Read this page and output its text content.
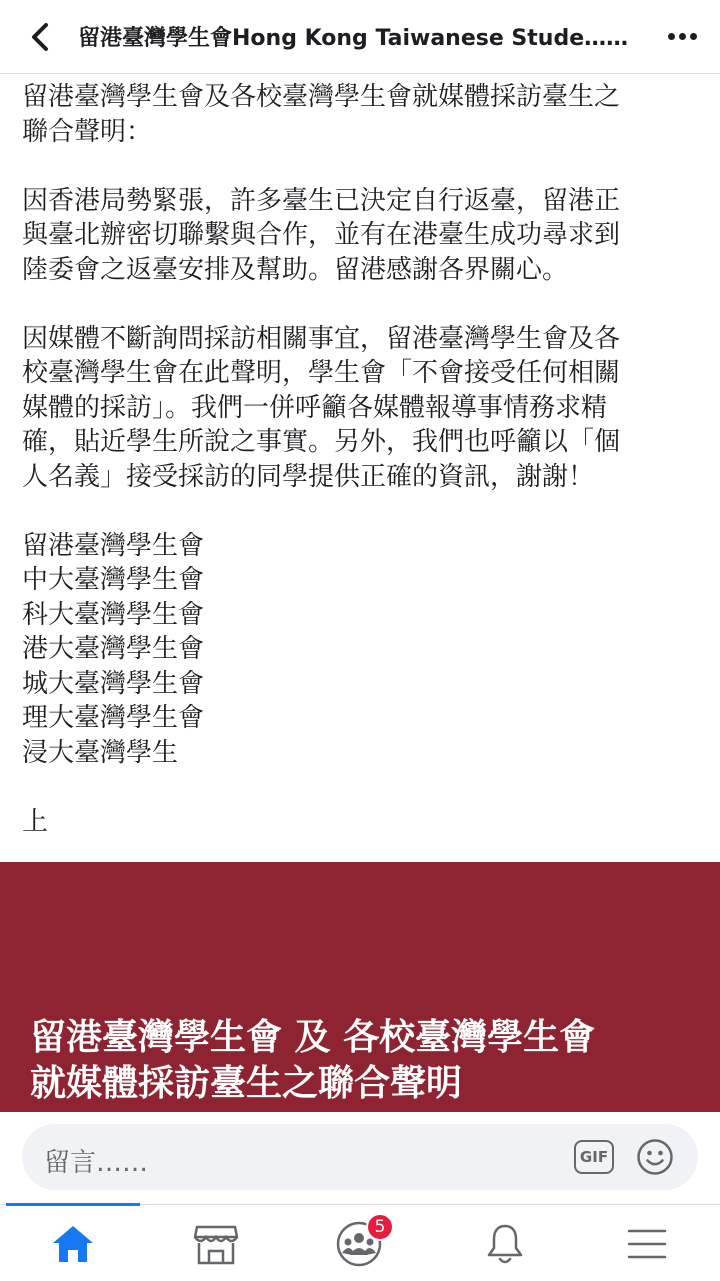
留港臺灣學生會Hong Kong Taiwanese Stude……

留港臺灣學生會及各校臺灣學生會就媒體採訪臺生之
聯合聲明：

因香港局勢緊張，許多臺生已決定自行返臺，留港正
與臺北辦密切聯繫與合作，並有在港臺生成功尋求到
陸委會之返臺安排及幫助。留港感謝各界關心。

因媒體不斷詢問採訪相關事宜，留港臺灣學生會及各
校臺灣學生會在此聲明，學生會「不會接受任何相關
媒體的採訪」。我們一併呼籲各媒體報導事情務求精
確，貼近學生所說之事實。另外，我們也呼籲以「個
人名義」接受採訪的同學提供正確的資訊，謝謝！

留港臺灣學生會

中大臺灣學生會

科大臺灣學生會

港大臺灣學生會

城大臺灣學生會

理大臺灣學生會

浸大臺灣學生

上

留港臺灣學生會 及 各校臺灣學生會
就媒體採訪臺生之聯合聲明
留言……	GIF
5
